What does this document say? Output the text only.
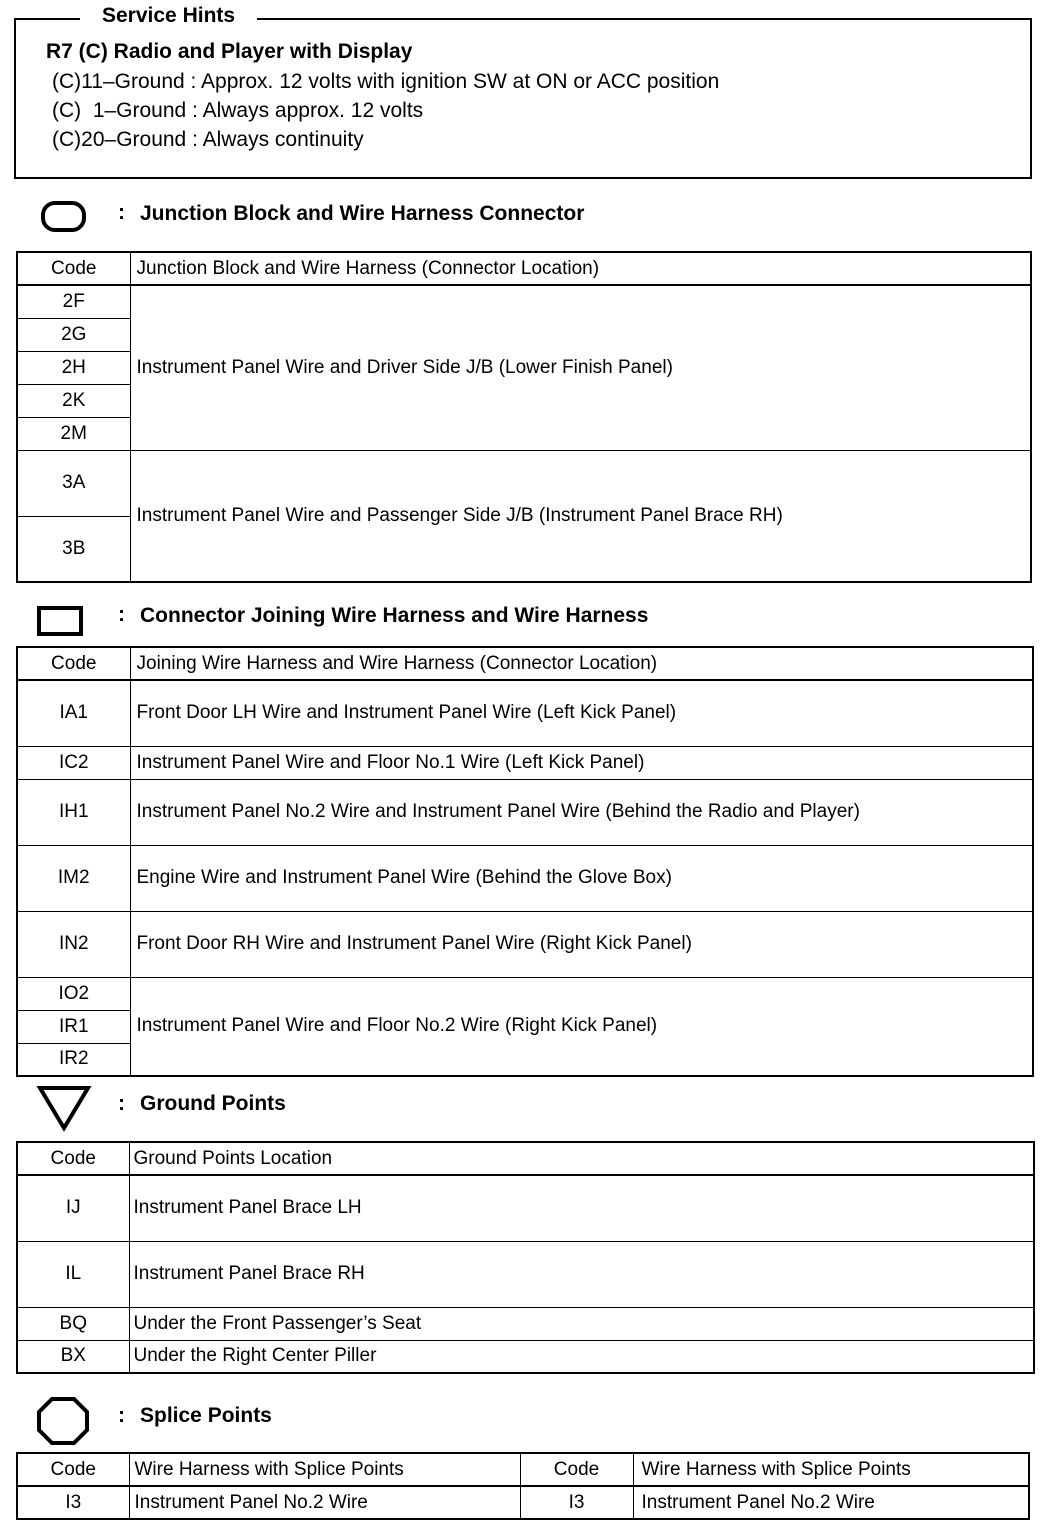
Service Hints
R7 (C) Radio and Player with Display
(C)11–Ground : Approx. 12 volts with ignition SW at ON or ACC position
(C)  1–Ground : Always approx. 12 volts
(C)20–Ground : Always continuity
: Junction Block and Wire Harness Connector
Code	Junction Block and Wire Harness (Connector Location)
2F	Instrument Panel Wire and Driver Side J/B (Lower Finish Panel)
2G	
2H	
2K	
2M	
3A	Instrument Panel Wire and Passenger Side J/B (Instrument Panel Brace RH)
3B	
: Connector Joining Wire Harness and Wire Harness
Code	Joining Wire Harness and Wire Harness (Connector Location)
IA1	Front Door LH Wire and Instrument Panel Wire (Left Kick Panel)
IC2	Instrument Panel Wire and Floor No.1 Wire (Left Kick Panel)
IH1	Instrument Panel No.2 Wire and Instrument Panel Wire (Behind the Radio and Player)
IM2	Engine Wire and Instrument Panel Wire (Behind the Glove Box)
IN2	Front Door RH Wire and Instrument Panel Wire (Right Kick Panel)
IO2	Instrument Panel Wire and Floor No.2 Wire (Right Kick Panel)
IR1	
IR2	
: Ground Points
Code	Ground Points Location
IJ	Instrument Panel Brace LH
IL	Instrument Panel Brace RH
BQ	Under the Front Passenger’s Seat
BX	Under the Right Center Piller
: Splice Points
Code	Wire Harness with Splice Points	Code	Wire Harness with Splice Points
I3	Instrument Panel No.2 Wire	I3	Instrument Panel No.2 Wire
